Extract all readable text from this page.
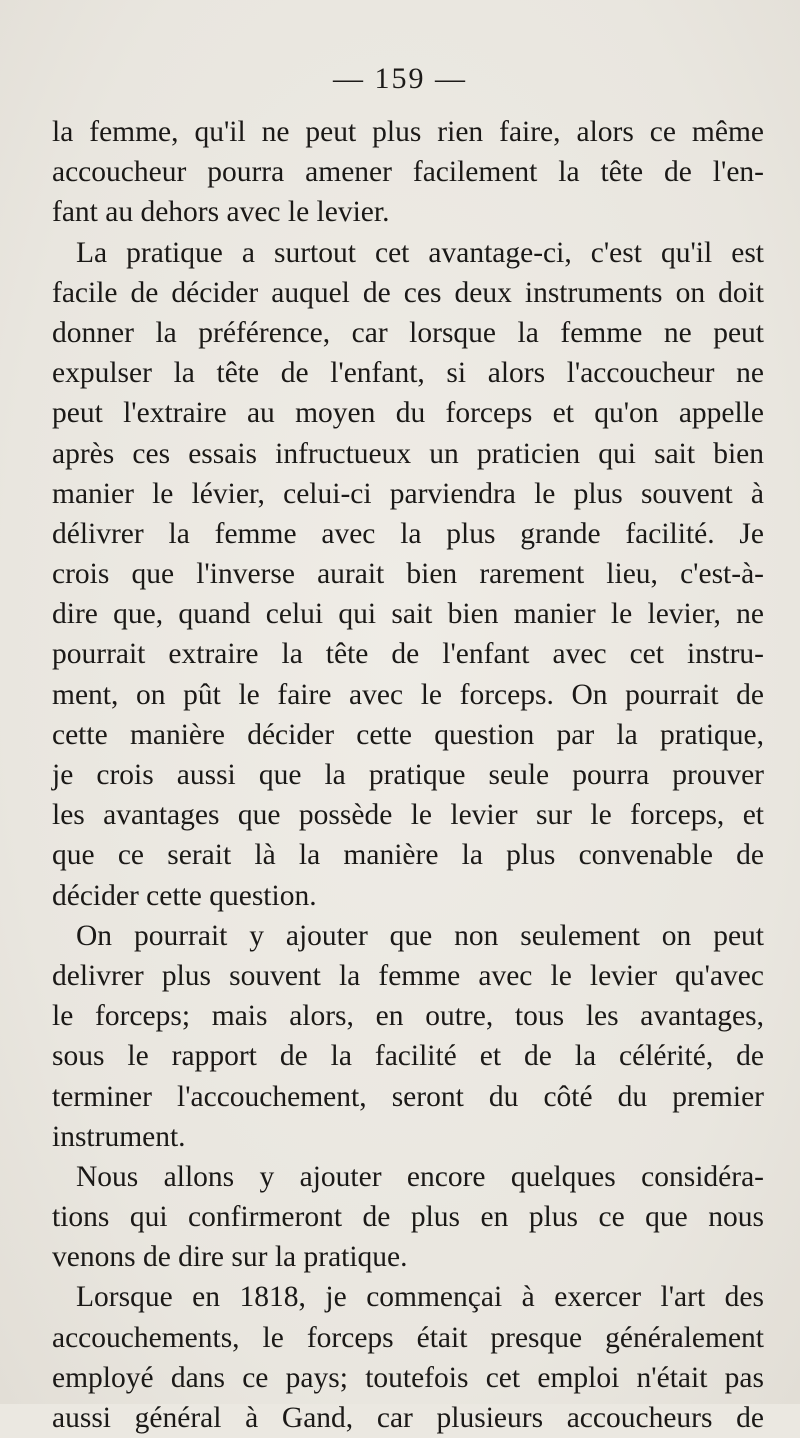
— 159 —
la femme, qu'il ne peut plus rien faire, alors ce même
accoucheur pourra amener facilement la tête de l'en-
fant au dehors avec le levier.
La pratique a surtout cet avantage-ci, c'est qu'il est
facile de décider auquel de ces deux instruments on doit
donner la préférence, car lorsque la femme ne peut
expulser la tête de l'enfant, si alors l'accoucheur ne
peut l'extraire au moyen du forceps et qu'on appelle
après ces essais infructueux un praticien qui sait bien
manier le lévier, celui-ci parviendra le plus souvent à
délivrer la femme avec la plus grande facilité. Je
crois que l'inverse aurait bien rarement lieu, c'est-à-
dire que, quand celui qui sait bien manier le levier, ne
pourrait extraire la tête de l'enfant avec cet instru-
ment, on pût le faire avec le forceps. On pourrait de
cette manière décider cette question par la pratique,
je crois aussi que la pratique seule pourra prouver
les avantages que possède le levier sur le forceps, et
que ce serait là la manière la plus convenable de
décider cette question.
On pourrait y ajouter que non seulement on peut
delivrer plus souvent la femme avec le levier qu'avec
le forceps; mais alors, en outre, tous les avantages,
sous le rapport de la facilité et de la célérité, de
terminer l'accouchement, seront du côté du premier
instrument.
Nous allons y ajouter encore quelques considéra-
tions qui confirmeront de plus en plus ce que nous
venons de dire sur la pratique.
Lorsque en 1818, je commençai à exercer l'art des
accouchements, le forceps était presque généralement
employé dans ce pays; toutefois cet emploi n'était pas
aussi général à Gand, car plusieurs accoucheurs de
